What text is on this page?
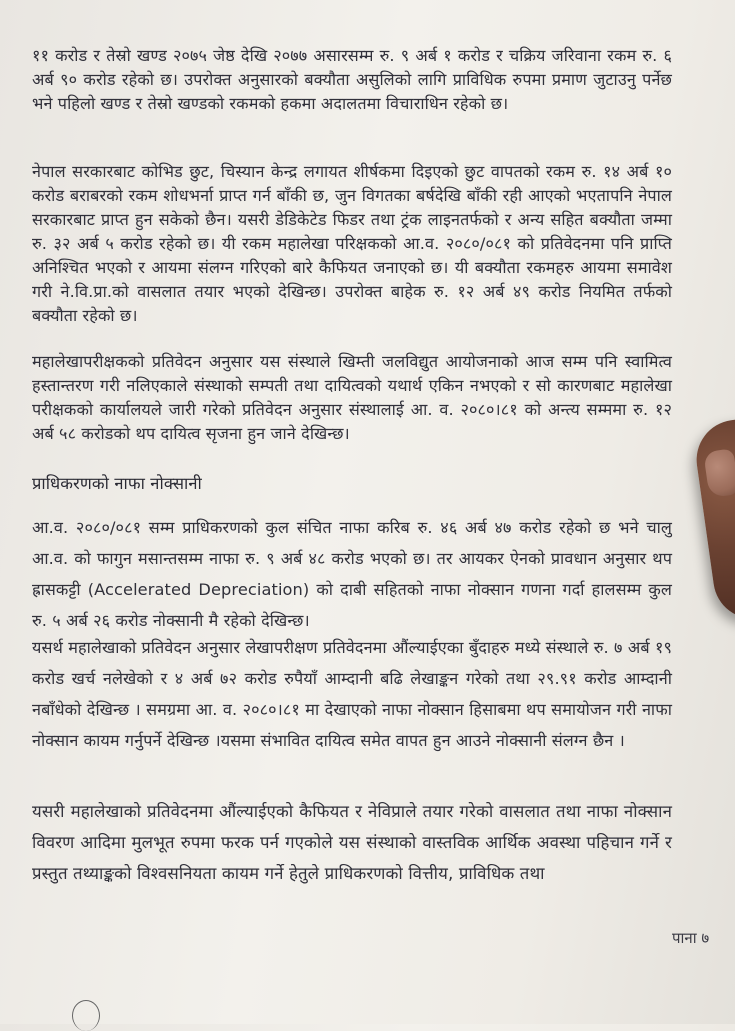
११ करोड र तेस्रो खण्ड २०७५ जेष्ठ देखि २०७७ असारसम्म रु. ९ अर्ब १ करोड र चक्रिय जरिवाना रकम रु. ६ अर्ब ९० करोड रहेको छ। उपरोक्त अनुसारको बक्यौता असुलिको लागि प्राविधिक रुपमा प्रमाण जुटाउनु पर्नेछ भने पहिलो खण्ड र तेस्रो खण्डको रकमको हकमा अदालतमा विचाराधिन रहेको छ।

नेपाल सरकारबाट कोभिड छुट, चिस्यान केन्द्र लगायत शीर्षकमा दिइएको छुट वापतको रकम रु. १४ अर्ब १० करोड बराबरको रकम शोधभर्ना प्राप्त गर्न बाँकी छ, जुन विगतका बर्षदेखि बाँकी रही आएको भएतापनि नेपाल सरकारबाट प्राप्त हुन सकेको छैन। यसरी डेडिकेटेड फिडर तथा ट्रंक लाइनतर्फको र अन्य सहित बक्यौता जम्मा रु. ३२ अर्ब ५ करोड रहेको छ। यी रकम महालेखा परिक्षकको आ.व. २०८०/०८१ को प्रतिवेदनमा पनि प्राप्ति अनिश्चित भएको र आयमा संलग्न गरिएको बारे कैफियत जनाएको छ। यी बक्यौता रकमहरु आयमा समावेश गरी ने.वि.प्रा.को वासलात तयार भएको देखिन्छ। उपरोक्त बाहेक रु. १२ अर्ब ४९ करोड नियमित तर्फको बक्यौता रहेको छ।

महालेखापरीक्षकको प्रतिवेदन अनुसार यस संस्थाले खिम्ती जलविद्युत आयोजनाको आज सम्म पनि स्वामित्व हस्तान्तरण गरी नलिएकाले संस्थाको सम्पती तथा दायित्वको यथार्थ एकिन नभएको र सो कारणबाट महालेखा परीक्षकको कार्यालयले जारी गरेको प्रतिवेदन अनुसार संस्थालाई आ. व. २०८०।८१ को अन्त्य सम्ममा रु. १२ अर्ब ५८ करोडको थप दायित्व सृजना हुन जाने देखिन्छ।

प्राधिकरणको नाफा नोक्सानी

आ.व. २०८०/०८१ सम्म प्राधिकरणको कुल संचित नाफा करिब रु. ४६ अर्ब ४७ करोड रहेको छ भने चालु आ.व. को फागुन मसान्तसम्म नाफा रु. ९ अर्ब ४८ करोड भएको छ। तर आयकर ऐनको प्रावधान अनुसार थप ह्रासकट्टी (Accelerated Depreciation) को दाबी सहितको नाफा नोक्सान गणना गर्दा हालसम्म कुल रु. ५ अर्ब २६ करोड नोक्सानी मै रहेको देखिन्छ।

यसर्थ महालेखाको प्रतिवेदन अनुसार लेखापरीक्षण प्रतिवेदनमा औंल्याईएका बुँदाहरु मध्ये संस्थाले रु. ७ अर्ब १९ करोड खर्च नलेखेको र ४ अर्ब ७२ करोड रुपैयाँ आम्दानी बढि लेखाङ्कन गरेको तथा २९.९१ करोड आम्दानी नबाँधेको देखिन्छ । समग्रमा आ. व. २०८०।८१ मा देखाएको नाफा नोक्सान हिसाबमा थप समायोजन गरी नाफा नोक्सान कायम गर्नुपर्ने देखिन्छ ।यसमा संभावित दायित्व समेत वापत हुन आउने नोक्सानी संलग्न छैन ।

यसरी महालेखाको प्रतिवेदनमा औंल्याईएको कैफियत र नेविप्राले तयार गरेको वासलात तथा नाफा नोक्सान विवरण आदिमा मुलभूत रुपमा फरक पर्न गएकोले यस संस्थाको वास्तविक आर्थिक अवस्था पहिचान गर्ने र प्रस्तुत तथ्याङ्कको विश्वसनियता कायम गर्ने हेतुले प्राधिकरणको वित्तीय, प्राविधिक तथा

पाना ७
